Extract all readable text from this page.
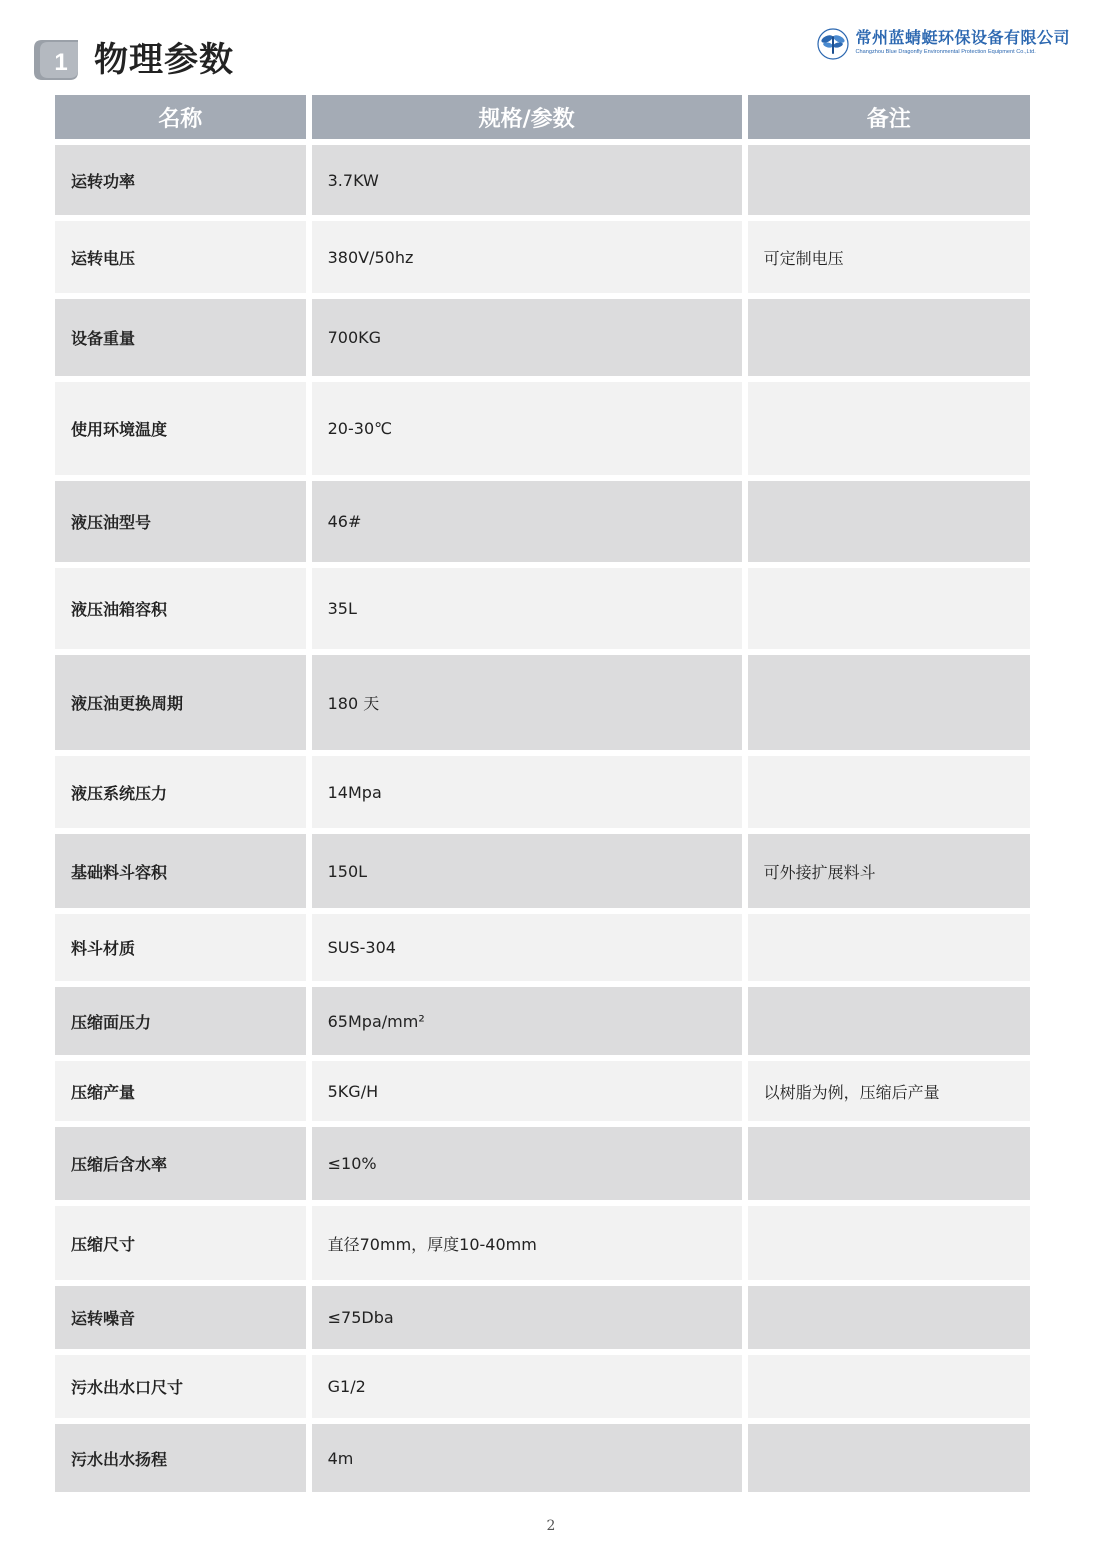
1 物理参数
常州蓝蜻蜓环保设备有限公司
Changzhou Blue Dragonfly Environmental Protection Equipment Co.,Ltd.
名称	规格/参数	备注
运转功率	3.7KW	
运转电压	380V/50hz	可定制电压
设备重量	700KG	
使用环境温度	20-30℃	
液压油型号	46#	
液压油箱容积	35L	
液压油更换周期	180 天	
液压系统压力	14Mpa	
基础料斗容积	150L	可外接扩展料斗
料斗材质	SUS-304	
压缩面压力	65Mpa/mm²	
压缩产量	5KG/H	以树脂为例，压缩后产量
压缩后含水率	≤10%	
压缩尺寸	直径70mm，厚度10-40mm	
运转噪音	≤75Dba	
污水出水口尺寸	G1/2	
污水出水扬程	4m	
2
